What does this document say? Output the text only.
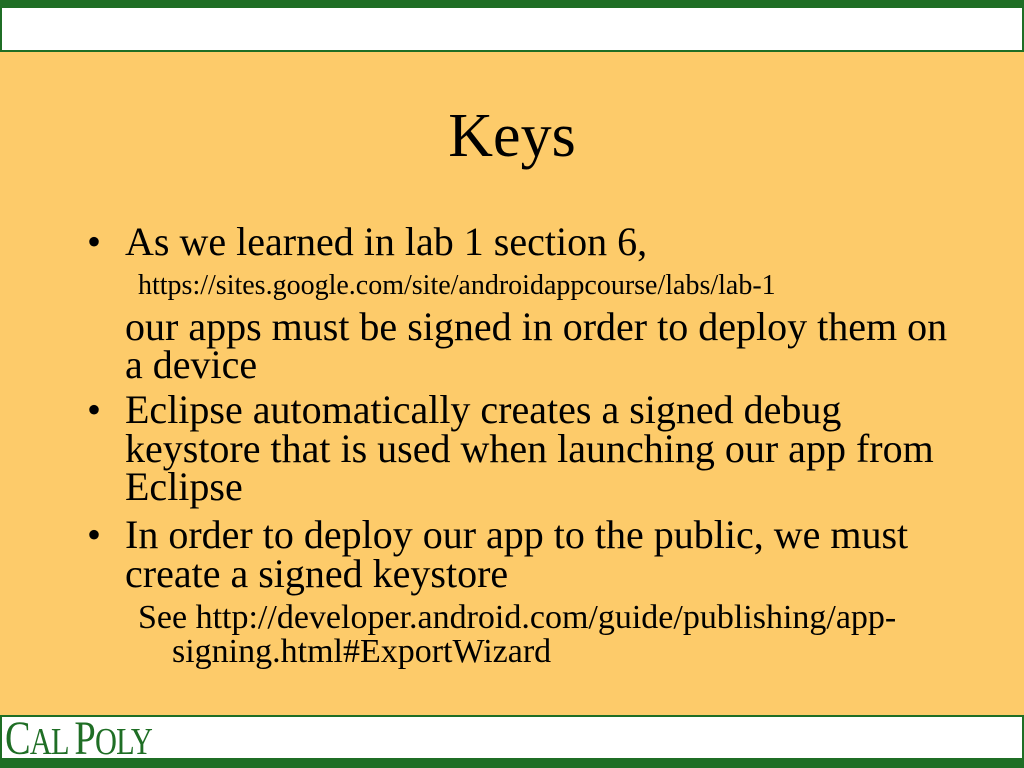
Keys
• As we learned in lab 1 section 6,
https://sites.google.com/site/androidappcourse/labs/lab-1
our apps must be signed in order to deploy them on
a device
• Eclipse automatically creates a signed debug
keystore that is used when launching our app from
Eclipse
• In order to deploy our app to the public, we must
create a signed keystore
See http://developer.android.com/guide/publishing/app-
signing.html#ExportWizard
CAL POLY
